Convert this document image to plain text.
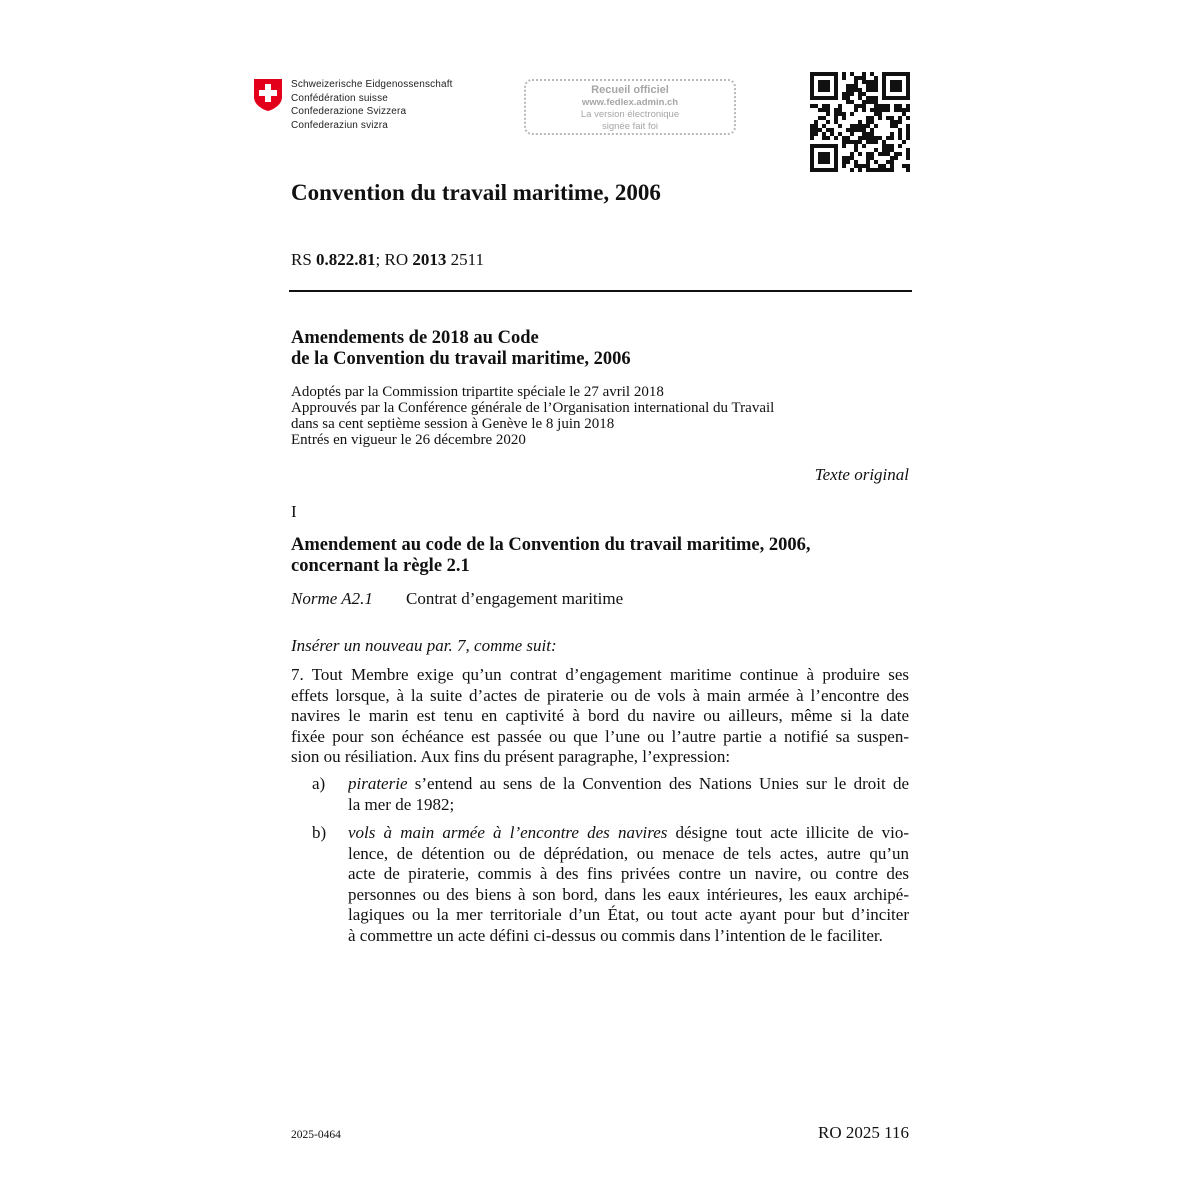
Schweizerische Eidgenossenschaft
Confédération suisse
Confederazione Svizzera
Confederaziun svizra
Recueil officiel
www.fedlex.admin.ch
La version électronique
signée fait foi
Convention du travail maritime, 2006
RS 0.822.81; RO 2013 2511
Amendements de 2018 au Code
de la Convention du travail maritime, 2006
Adoptés par la Commission tripartite spéciale le 27 avril 2018
Approuvés par la Conférence générale de l’Organisation international du Travail
dans sa cent septième session à Genève le 8 juin 2018
Entrés en vigueur le 26 décembre 2020
Texte original
I
Amendement au code de la Convention du travail maritime, 2006,
concernant la règle 2.1
Norme A2.1 Contrat d’engagement maritime
Insérer un nouveau par. 7, comme suit:
7. Tout Membre exige qu’un contrat d’engagement maritime continue à produire ses
effets lorsque, à la suite d’actes de piraterie ou de vols à main armée à l’encontre des
navires le marin est tenu en captivité à bord du navire ou ailleurs, même si la date
fixée pour son échéance est passée ou que l’une ou l’autre partie a notifié sa suspen-
sion ou résiliation. Aux fins du présent paragraphe, l’expression:
a) piraterie s’entend au sens de la Convention des Nations Unies sur le droit de
la mer de 1982;
b) vols à main armée à l’encontre des navires désigne tout acte illicite de vio-
lence, de détention ou de déprédation, ou menace de tels actes, autre qu’un
acte de piraterie, commis à des fins privées contre un navire, ou contre des
personnes ou des biens à son bord, dans les eaux intérieures, les eaux archipé-
lagiques ou la mer territoriale d’un État, ou tout acte ayant pour but d’inciter
à commettre un acte défini ci-dessus ou commis dans l’intention de le faciliter.
2025-0464	RO 2025 116
